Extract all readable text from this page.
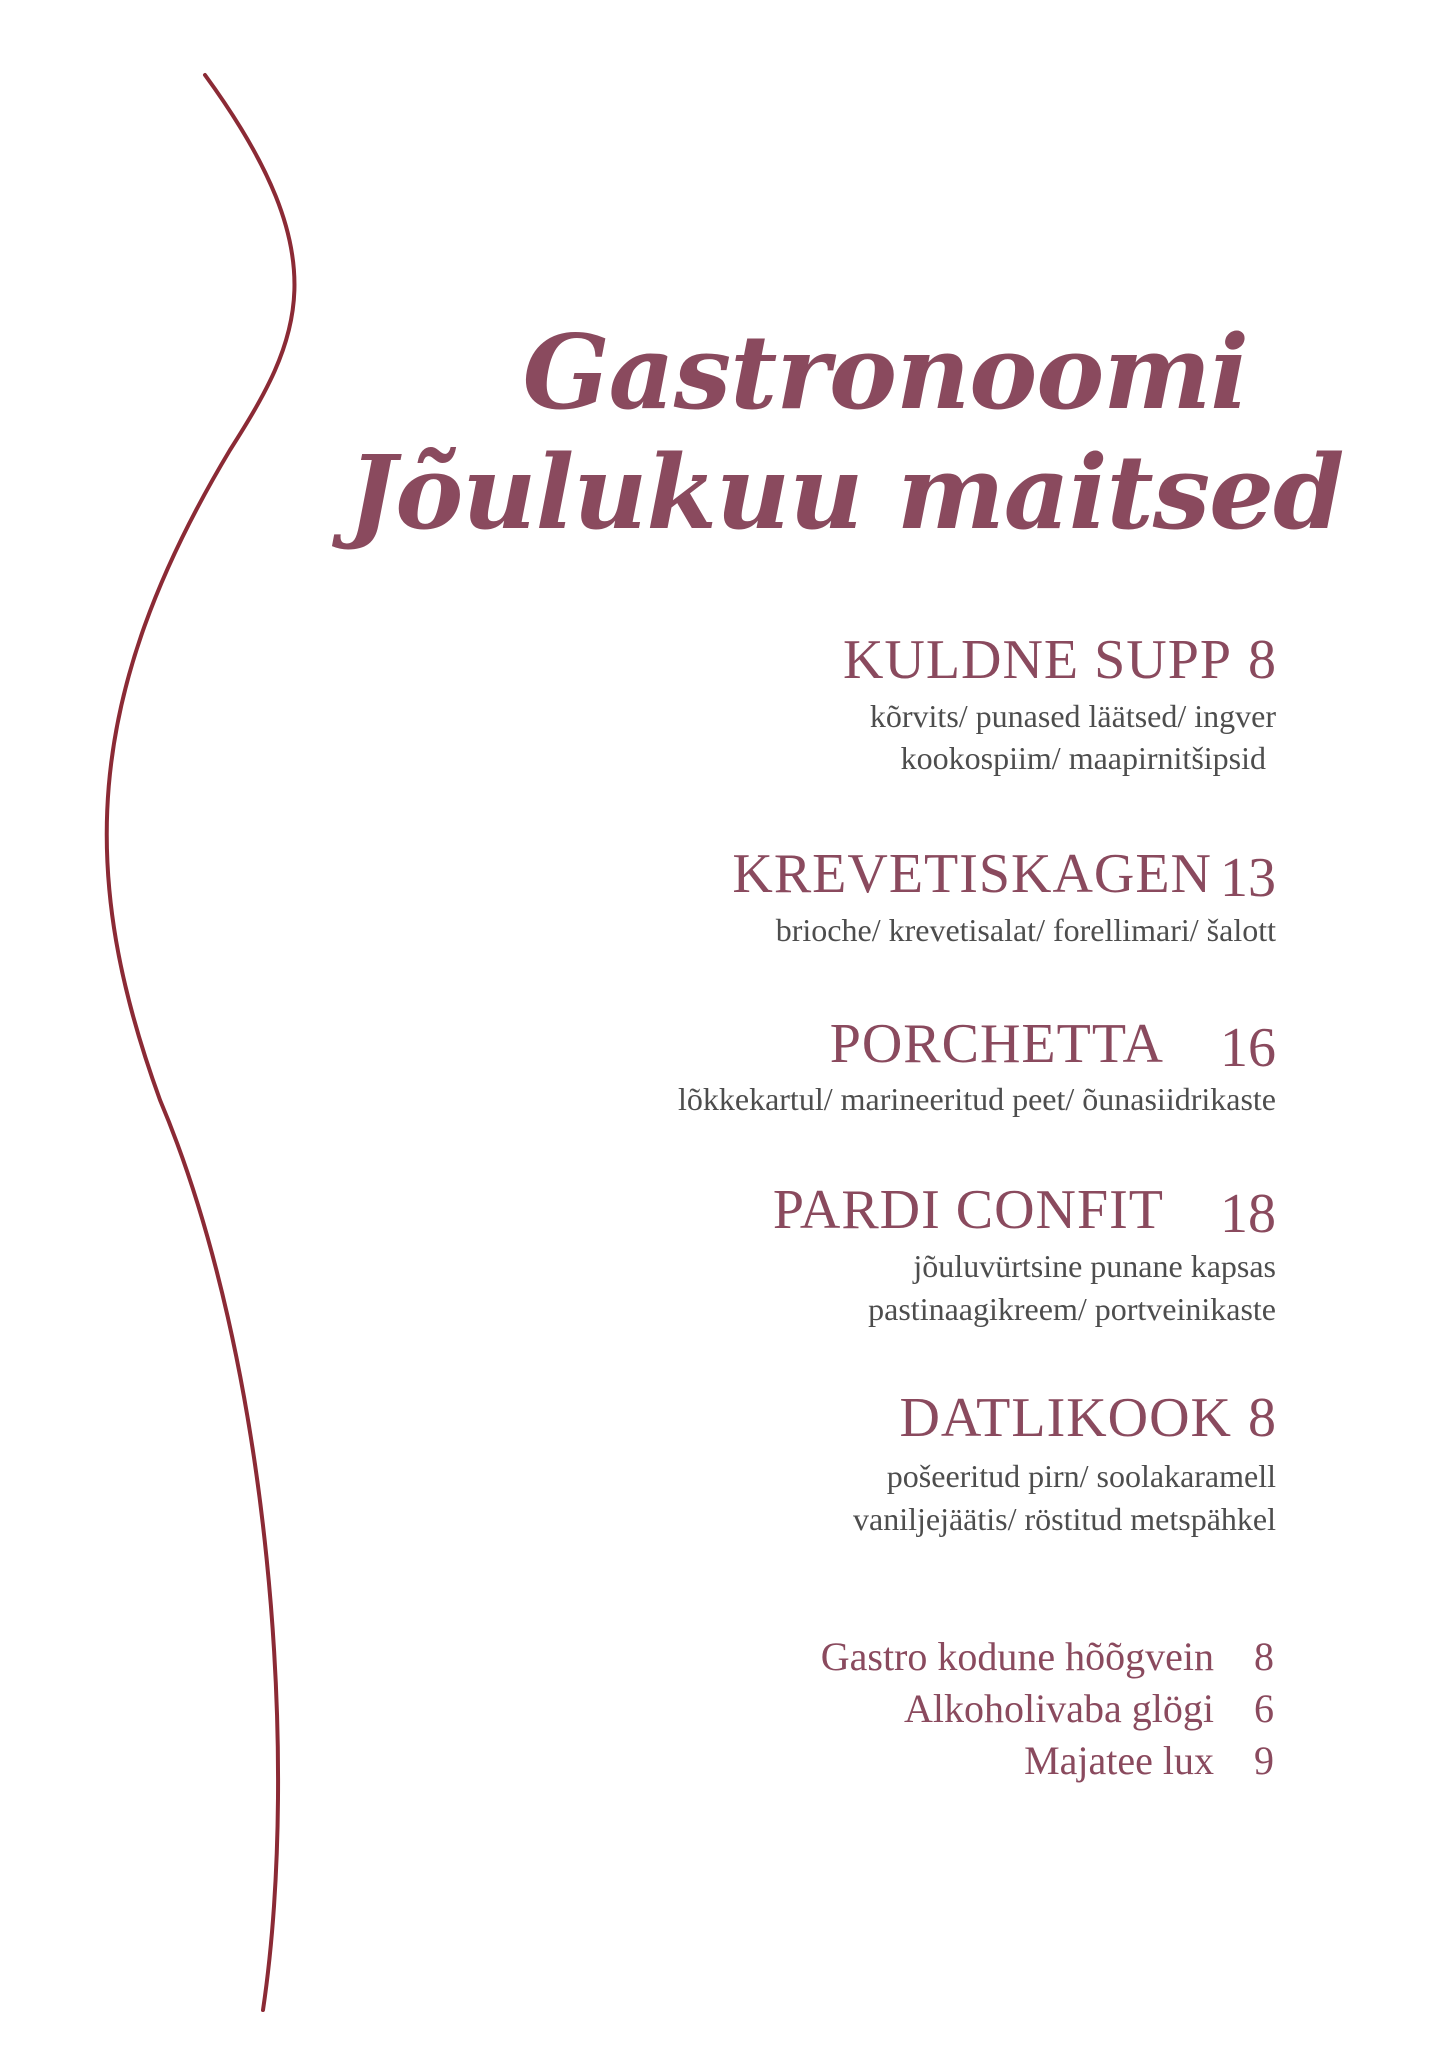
Gastronoomi
Jõulukuu maitsed
KULDNE SUPP 8
kõrvits/ punased läätsed/ ingver
kookospiim/ maapirnitšipsid
KREVETISKAGEN 13
brioche/ krevetisalat/ forellimari/ šalott
PORCHETTA 16
lõkkekartul/ marineeritud peet/ õunasiidrikaste
PARDI CONFIT 18
jõuluvürtsine punane kapsas
pastinaagikreem/ portveinikaste
DATLIKOOK 8
pošeeritud pirn/ soolakaramell
vaniljejäätis/ röstitud metspähkel
Gastro kodune hõõgvein 8
Alkoholivaba glögi 6
Majatee lux 9
